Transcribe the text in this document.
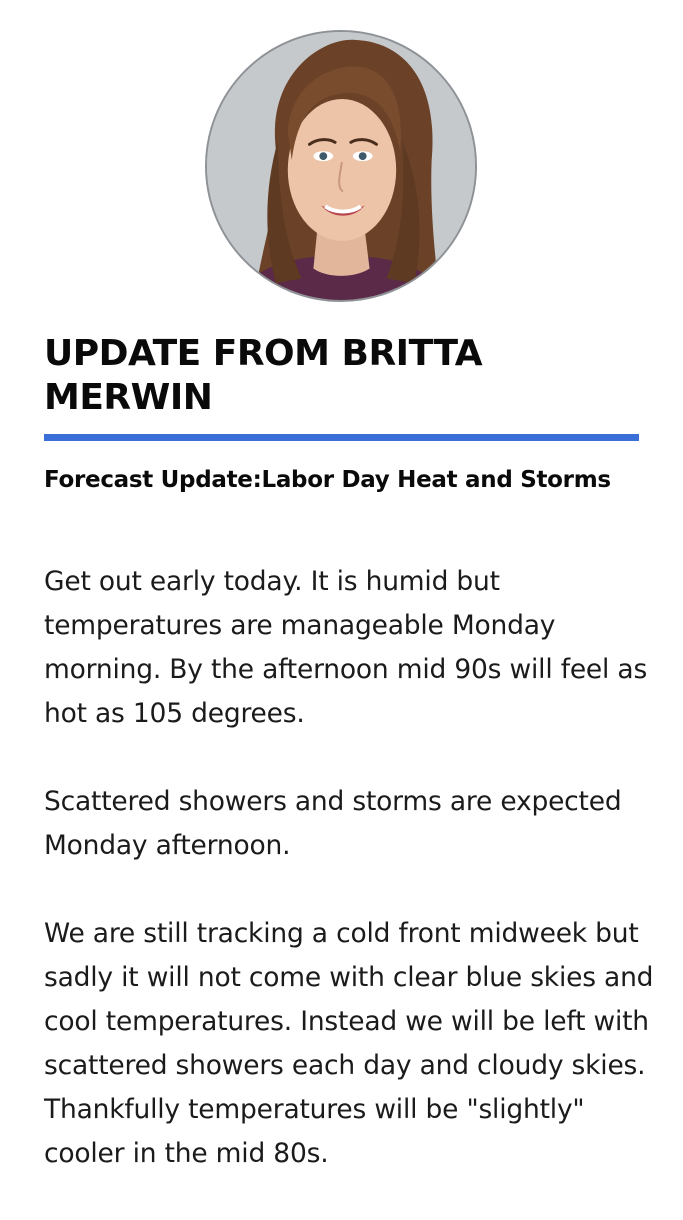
UPDATE FROM BRITTA MERWIN
Forecast Update:Labor Day Heat and Storms

Get out early today. It is humid but temperatures are manageable Monday morning. By the afternoon mid 90s will feel as hot as 105 degrees.

Scattered showers and storms are expected Monday afternoon.

We are still tracking a cold front midweek but sadly it will not come with clear blue skies and cool temperatures. Instead we will be left with scattered showers each day and cloudy skies. Thankfully temperatures will be "slightly" cooler in the mid 80s.
